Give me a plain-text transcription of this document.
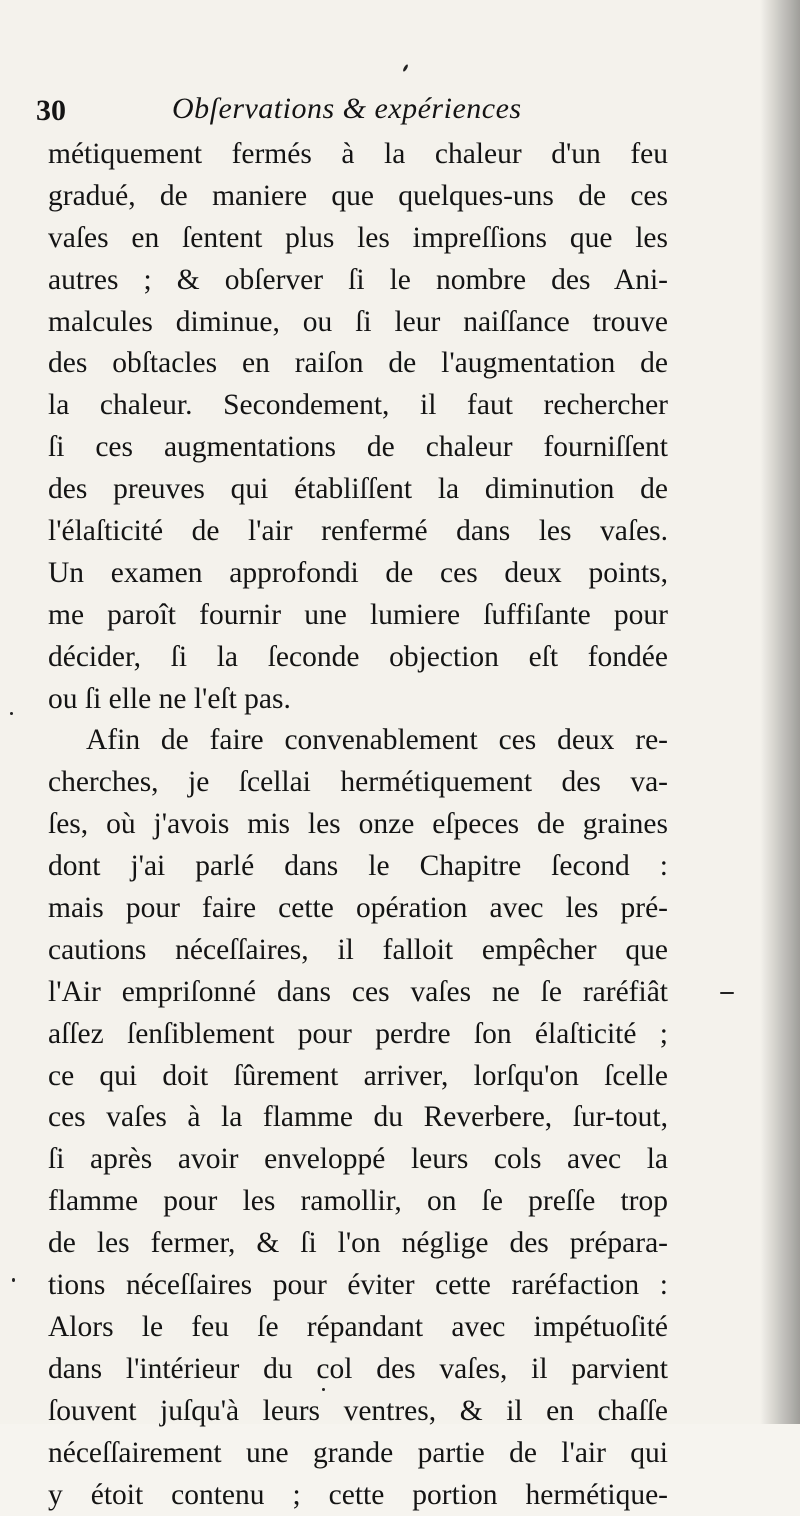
30	Obſervations & expériences
métiquement fermés à la chaleur d'un feu
gradué, de maniere que quelques-uns de ces
vaſes en ſentent plus les impreſſions que les
autres ; & obſerver ſi le nombre des Ani-
malcules diminue, ou ſi leur naiſſance trouve
des obſtacles en raiſon de l'augmentation de
la chaleur. Secondement, il faut rechercher
ſi ces augmentations de chaleur fourniſſent
des preuves qui établiſſent la diminution de
l'élaſticité de l'air renfermé dans les vaſes.
Un examen approfondi de ces deux points,
me paroît fournir une lumiere ſuffiſante pour
décider, ſi la ſeconde objection eſt fondée
ou ſi elle ne l'eſt pas.
Afin de faire convenablement ces deux re-
cherches, je ſcellai hermétiquement des va-
ſes, où j'avois mis les onze eſpeces de graines
dont j'ai parlé dans le Chapitre ſecond :
mais pour faire cette opération avec les pré-
cautions néceſſaires, il falloit empêcher que
l'Air empriſonné dans ces vaſes ne ſe raréfiât
aſſez ſenſiblement pour perdre ſon élaſticité ;
ce qui doit ſûrement arriver, lorſqu'on ſcelle
ces vaſes à la flamme du Reverbere, ſur-tout,
ſi après avoir enveloppé leurs cols avec la
flamme pour les ramollir, on ſe preſſe trop
de les fermer, & ſi l'on néglige des prépara-
tions néceſſaires pour éviter cette raréfaction :
Alors le feu ſe répandant avec impétuoſité
dans l'intérieur du col des vaſes, il parvient
ſouvent juſqu'à leurs ventres, & il en chaſſe
néceſſairement une grande partie de l'air qui
y étoit contenu ; cette portion hermétique-
